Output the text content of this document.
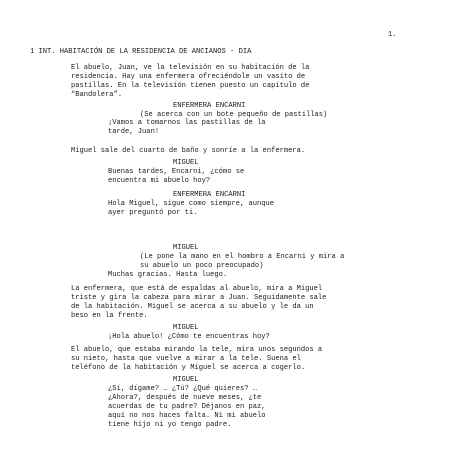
1.
1 INT. HABITACIÓN DE LA RESIDENCIA DE ANCIANOS - DIA
El abuelo, Juan, ve la televisión en su habitación de la
residencia. Hay una enfermera ofreciéndole un vasito de
pastillas. En la televisión tienen puesto un capítulo de
“Bandolera”.
ENFERMERA ENCARNI
(Se acerca con un bote pequeño de pastillas)
¡Vamos a tomarnos las pastillas de la
tarde, Juan!
Miguel sale del cuarto de baño y sonríe a la enfermera.
MIGUEL
Buenas tardes, Encarni, ¿cómo se
encuentra mi abuelo hoy?
ENFERMERA ENCARNI
Hola Miguel, sigue como siempre, aunque
ayer preguntó por ti.
MIGUEL
(Le pone la mano en el hombro a Encarni y mira a
su abuelo un poco preocupado)
Muchas gracias. Hasta luego.
La enfermera, que está de espaldas al abuelo, mira a Miguel
triste y gira la cabeza para mirar a Juan. Seguidamente sale
de la habitación. Miguel se acerca a su abuelo y le da un
beso en la frente.
MIGUEL
¡Hola abuelo! ¿Cómo te encuentras hoy?
El abuelo, que estaba mirando la tele, mira unos segundos a
su nieto, hasta que vuelve a mirar a la tele. Suena el
teléfono de la habitación y Miguel se acerca a cogerlo.
MIGUEL
¿Sí, dígame? … ¿Tú? ¿Qué quieres? …
¿Ahora?, después de nueve meses, ¿te
acuerdas de tu padre? Déjanos en paz,
aquí no nos haces falta. Ni mi abuelo
tiene hijo ni yo tengo padre.
